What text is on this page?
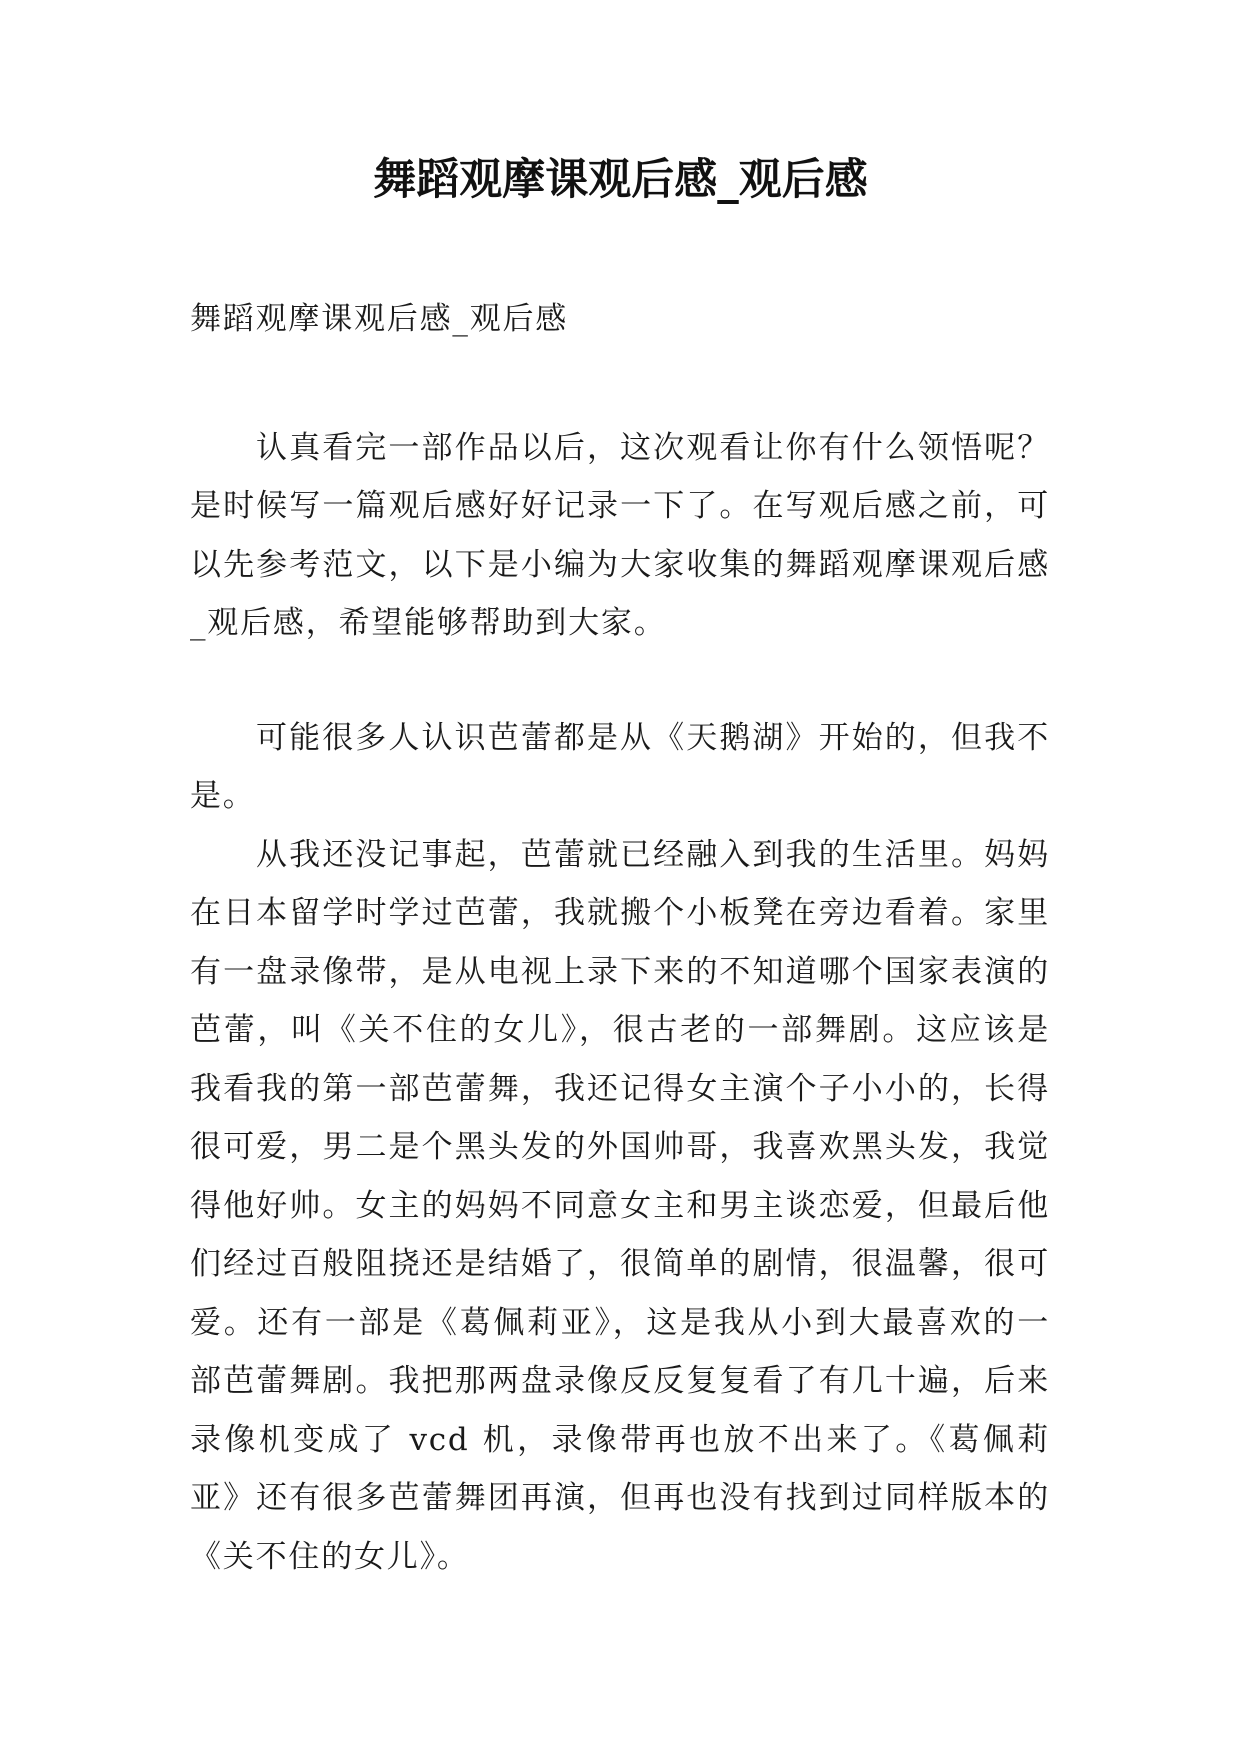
舞蹈观摩课观后感_观后感

舞蹈观摩课观后感_观后感

认真看完一部作品以后，这次观看让你有什么领悟呢？是时候写一篇观后感好好记录一下了。在写观后感之前，可以先参考范文，以下是小编为大家收集的舞蹈观摩课观后感_观后感，希望能够帮助到大家。

可能很多人认识芭蕾都是从《天鹅湖》开始的，但我不是。

从我还没记事起，芭蕾就已经融入到我的生活里。妈妈在日本留学时学过芭蕾，我就搬个小板凳在旁边看着。家里有一盘录像带，是从电视上录下来的不知道哪个国家表演的芭蕾，叫《关不住的女儿》，很古老的一部舞剧。这应该是我看我的第一部芭蕾舞，我还记得女主演个子小小的，长得很可爱，男二是个黑头发的外国帅哥，我喜欢黑头发，我觉得他好帅。女主的妈妈不同意女主和男主谈恋爱，但最后他们经过百般阻挠还是结婚了，很简单的剧情，很温馨，很可爱。还有一部是《葛佩莉亚》，这是我从小到大最喜欢的一部芭蕾舞剧。我把那两盘录像反反复复看了有几十遍，后来录像机变成了 vcd 机，录像带再也放不出来了。《葛佩莉亚》还有很多芭蕾舞团再演，但再也没有找到过同样版本的《关不住的女儿》。
